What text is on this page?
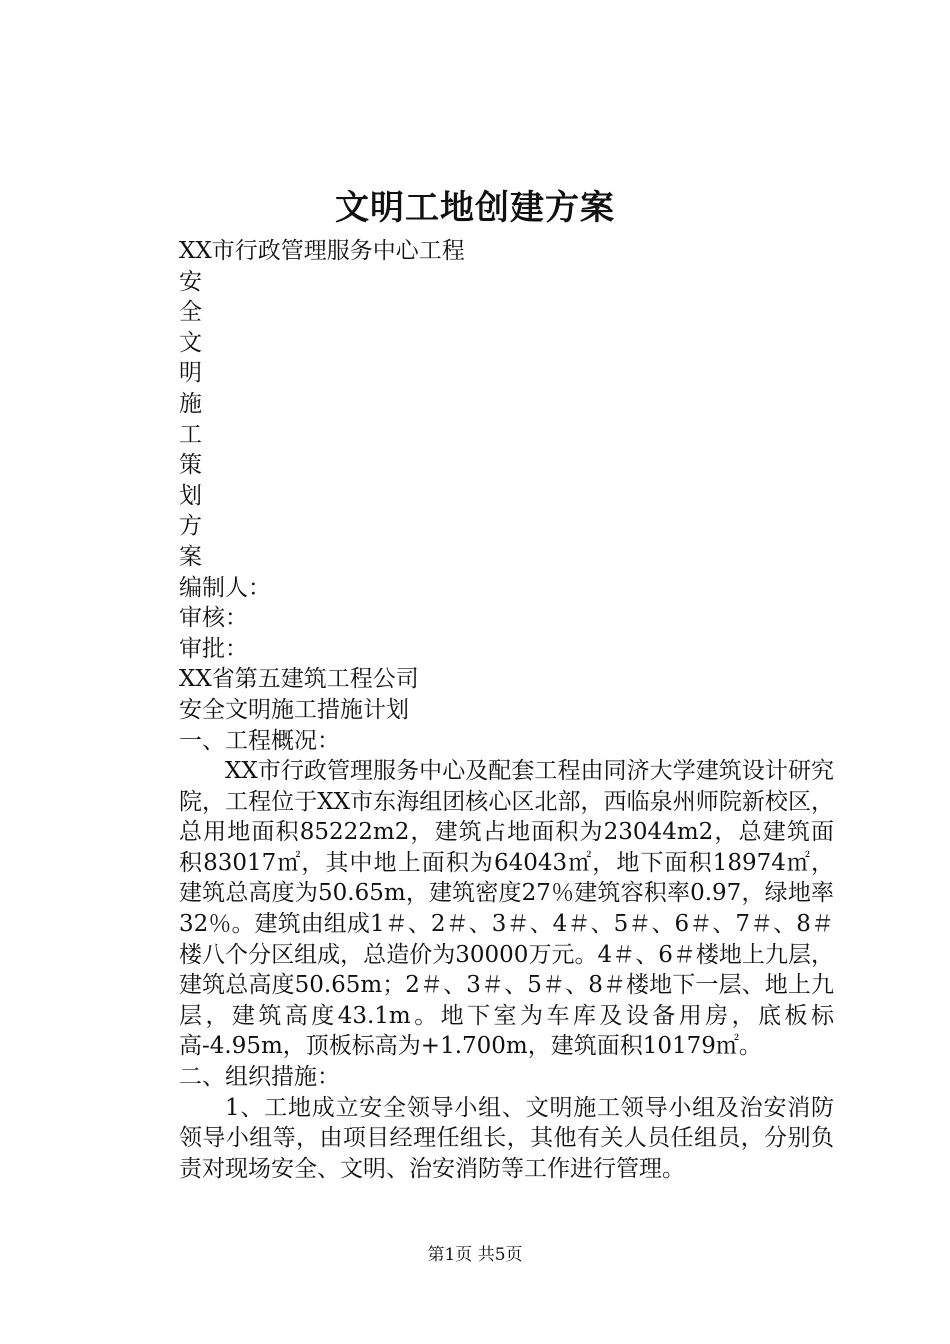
文明工地创建方案
XX市行政管理服务中心工程
安
全
文
明
施
工
策
划
方
案
编制人：
审核：
审批：
XX省第五建筑工程公司
安全文明施工措施计划
一、工程概况：
XX市行政管理服务中心及配套工程由同济大学建筑设计研究院，工程位于XX市东海组团核心区北部，西临泉州师院新校区，总用地面积85222m2，建筑占地面积为23044m2，总建筑面积83017㎡，其中地上面积为64043㎡，地下面积18974㎡，建筑总高度为50.65m，建筑密度27％建筑容积率0.97，绿地率32％。建筑由组成1＃、2＃、3＃、4＃、5＃、6＃、7＃、8＃楼八个分区组成，总造价为30000万元。4＃、6＃楼地上九层，建筑总高度50.65m；2＃、3＃、5＃、8＃楼地下一层、地上九层，建筑高度43.1m。地下室为车库及设备用房，底板标高-4.95m，顶板标高为+1.700m，建筑面积10179㎡。
二、组织措施：
1、工地成立安全领导小组、文明施工领导小组及治安消防领导小组等，由项目经理任组长，其他有关人员任组员，分别负责对现场安全、文明、治安消防等工作进行管理。
第1页 共5页
